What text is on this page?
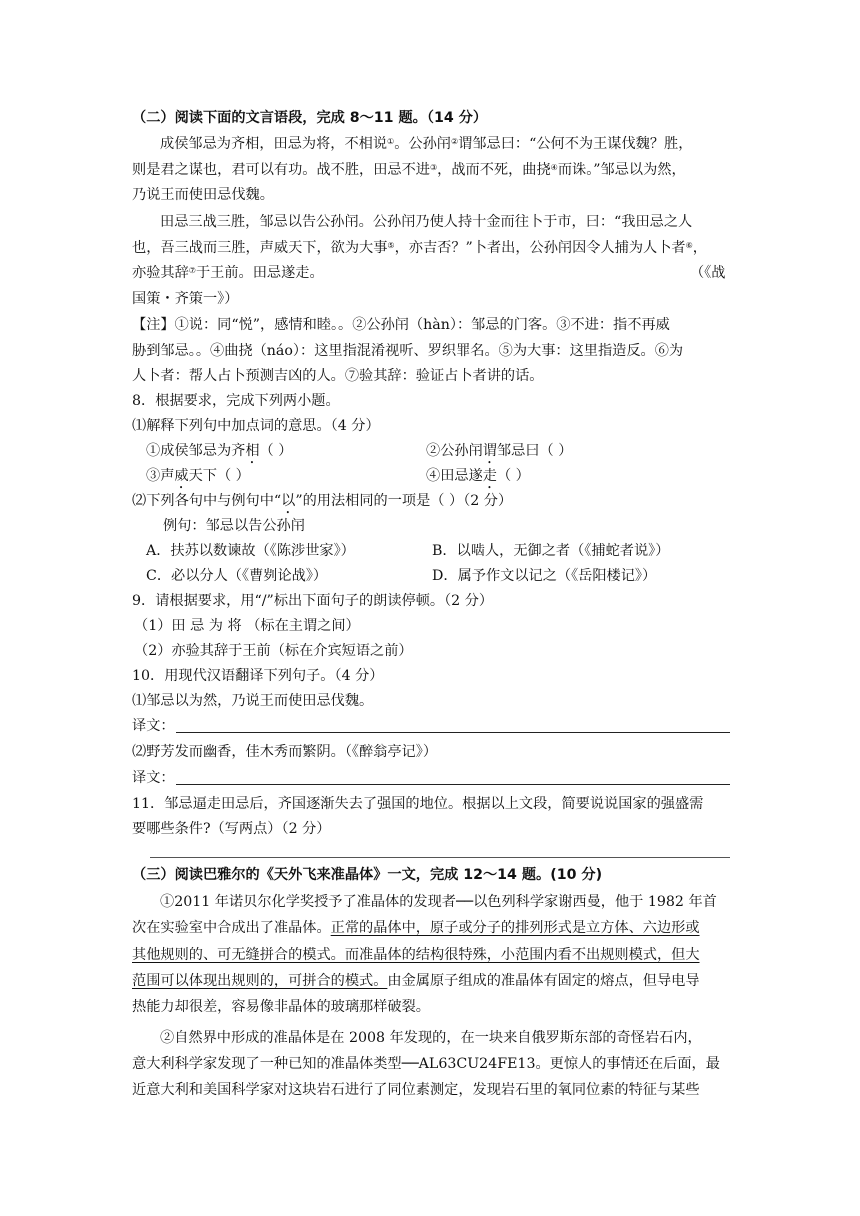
（二）阅读下面的文言语段，完成 8～11 题。（14 分）
成侯邹忌为齐相，田忌为将，不相说①。公孙闬②谓邹忌曰：“公何不为王谋伐魏？胜，
则是君之谋也，君可以有功。战不胜，田忌不进③，战而不死，曲挠④而诛。”邹忌以为然，
乃说王而使田忌伐魏。
田忌三战三胜，邹忌以告公孙闬。公孙闬乃使人持十金而往卜于市，曰：“我田忌之人
也，吾三战而三胜，声威天下，欲为大事⑤，亦吉否？”卜者出，公孙闬因令人捕为人卜者⑥，
亦验其辞⑦于王前。田忌遂走。	（《战
国策・齐策一》）
【注】①说：同“悦”，感情和睦。。②公孙闬（hàn）：邹忌的门客。③不进：指不再威
胁到邹忌。。④曲挠（náo）：这里指混淆视听、罗织罪名。⑤为大事：这里指造反。⑥为
人卜者：帮人占卜预测吉凶的人。⑦验其辞：验证占卜者讲的话。
8．根据要求，完成下列两小题。
⑴解释下列句中加点词的意思。（4 分）
①成侯邹忌为齐相（ ）	②公孙闬谓邹忌曰（ ）
③声威天下（ ）	④田忌遂走（ ）
⑵下列各句中与例句中“以”的用法相同的一项是（ ）（2 分）
例句：邹忌以告公孙闬
A．扶苏以数谏故（《陈涉世家》）	B．以啮人，无御之者（《捕蛇者说》）
C．必以分人（《曹刿论战》）	D．属予作文以记之（《岳阳楼记》）
9．请根据要求，用“/”标出下面句子的朗读停顿。（2 分）
（1）田 忌 为 将 （标在主谓之间）
（2）亦验其辞于王前（标在介宾短语之前）
10．用现代汉语翻译下列句子。（4 分）
⑴邹忌以为然，乃说王而使田忌伐魏。
译文：
⑵野芳发而幽香，佳木秀而繁阴。（《醉翁亭记》）
译文：
11．邹忌逼走田忌后，齐国逐渐失去了强国的地位。根据以上文段，简要说说国家的强盛需
要哪些条件?（写两点）（2 分）
（三）阅读巴雅尔的《天外飞来准晶体》一文，完成 12～14 题。(10 分)
①2011 年诺贝尔化学奖授予了准晶体的发现者──以色列科学家谢西曼，他于 1982 年首
次在实验室中合成出了准晶体。正常的晶体中，原子或分子的排列形式是立方体、六边形或
其他规则的、可无缝拼合的模式。而准晶体的结构很特殊，小范围内看不出规则模式，但大
范围可以体现出规则的，可拼合的模式。由金属原子组成的准晶体有固定的熔点，但导电导
热能力却很差，容易像非晶体的玻璃那样破裂。
②自然界中形成的准晶体是在 2008 年发现的，在一块来自俄罗斯东部的奇怪岩石内，
意大利科学家发现了一种已知的准晶体类型──AL63CU24FE13。更惊人的事情还在后面，最
近意大利和美国科学家对这块岩石进行了同位素测定，发现岩石里的氧同位素的特征与某些
